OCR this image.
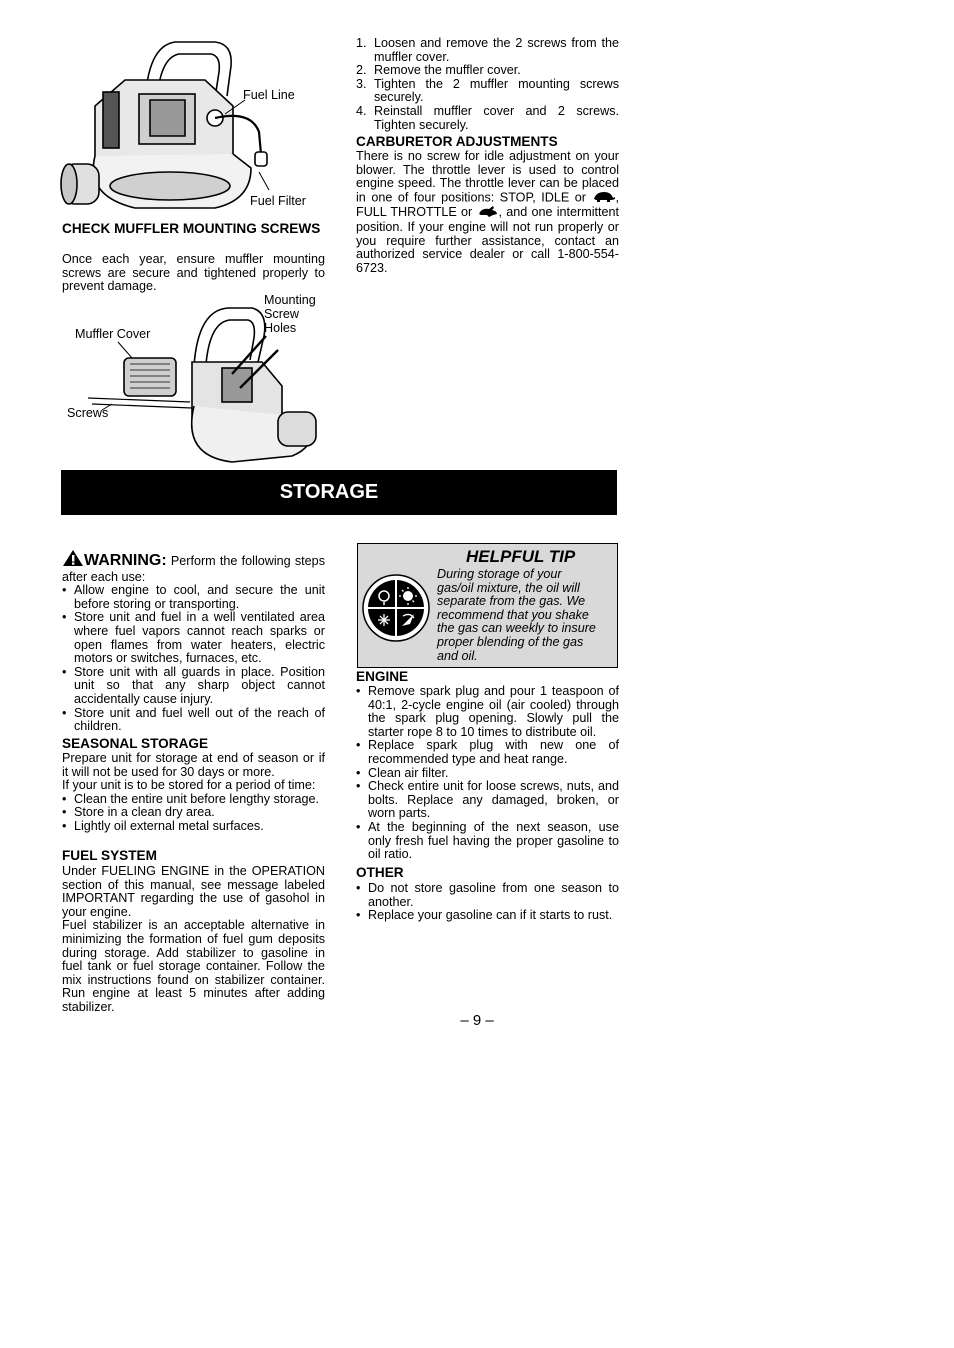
Fuel Line
Fuel Filter
CHECK MUFFLER MOUNTING SCREWS

Once each year, ensure muffler mounting screws are secure and tightened properly to prevent damage.

Mounting
Screw
Holes
Muffler Cover
Screws
1. Loosen and remove the 2 screws from the muffler cover.
2. Remove the muffler cover.
3. Tighten the 2 muffler mounting screws securely.
4. Reinstall muffler cover and 2 screws. Tighten securely.
CARBURETOR ADJUSTMENTS

There is no screw for idle adjustment on your blower. The throttle lever is used to control engine speed. The throttle lever can be placed in one of four positions: STOP, IDLE or , FULL THROTTLE or , and one intermittent position. If your engine will not run properly or you require further assistance, contact an authorized service dealer or call 1-800-554-6723.

STORAGE

WARNING: Perform the following steps after each use:

• Allow engine to cool, and secure the unit before storing or transporting.
• Store unit and fuel in a well ventilated area where fuel vapors cannot reach sparks or open flames from water heaters, electric motors or switches, furnaces, etc.
• Store unit with all guards in place. Position unit so that any sharp object cannot accidentally cause injury.
• Store unit and fuel well out of the reach of children.
SEASONAL STORAGE

Prepare unit for storage at end of season or if it will not be used for 30 days or more.

If your unit is to be stored for a period of time:

• Clean the entire unit before lengthy storage.
• Store in a clean dry area.
• Lightly oil external metal surfaces.
FUEL SYSTEM

Under FUELING ENGINE in the OPERATION section of this manual, see message labeled IMPORTANT regarding the use of gasohol in your engine.

Fuel stabilizer is an acceptable alternative in minimizing the formation of fuel gum deposits during storage. Add stabilizer to gasoline in fuel tank or fuel storage container. Follow the mix instructions found on stabilizer container. Run engine at least 5 minutes after adding stabilizer.

HELPFUL TIP
During storage of your gas/oil mixture, the oil will separate from the gas. We recommend that you shake the gas can weekly to insure proper blending of the gas and oil.
ENGINE
• Remove spark plug and pour 1 teaspoon of 40:1, 2-cycle engine oil (air cooled) through the spark plug opening. Slowly pull the starter rope 8 to 10 times to distribute oil.
• Replace spark plug with new one of recommended type and heat range.
• Clean air filter.
• Check entire unit for loose screws, nuts, and bolts. Replace any damaged, broken, or worn parts.
• At the beginning of the next season, use only fresh fuel having the proper gasoline to oil ratio.
OTHER
• Do not store gasoline from one season to another.
• Replace your gasoline can if it starts to rust.
– 9 –
